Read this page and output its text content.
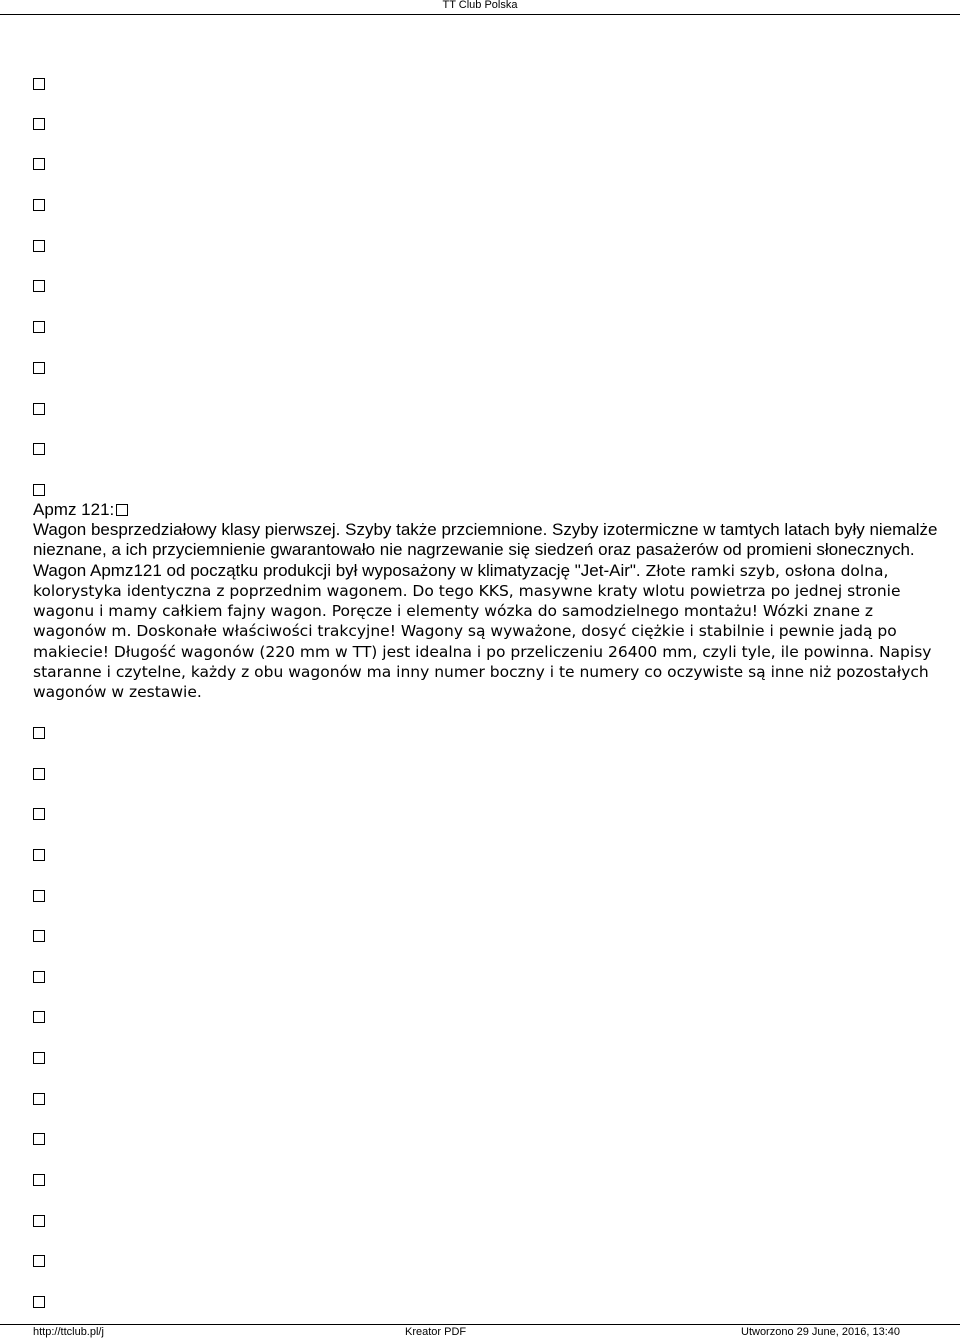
TT Club Polska
Apmz 121:
Wagon besprzedziałowy klasy pierwszej. Szyby także przciemnione. Szyby izotermiczne w tamtych latach były niemalże nieznane, a ich przyciemnienie gwarantowało nie nagrzewanie się siedzeń oraz pasażerów od promieni słonecznych. Wagon Apmz121 od początku produkcji był wyposażony w klimatyzację "Jet-Air". Złote ramki szyb, osłona dolna, kolorystyka identyczna z poprzednim wagonem. Do tego KKS, masywne kraty wlotu powietrza po jednej stronie wagonu i mamy całkiem fajny wagon. Poręcze i elementy wózka do samodzielnego montażu! Wózki znane z wagonów m. Doskonałe właściwości trakcyjne! Wagony są wyważone, dosyć ciężkie i stabilnie i pewnie jadą po makiecie! Długość wagonów (220 mm w TT) jest idealna i po przeliczeniu 26400 mm, czyli tyle, ile powinna. Napisy staranne i czytelne, każdy z obu wagonów ma inny numer boczny i te numery co oczywiste są inne niż pozostałych wagonów w zestawie.
http://ttclub.pl/j	Kreator PDF	Utworzono 29 June, 2016, 13:40
